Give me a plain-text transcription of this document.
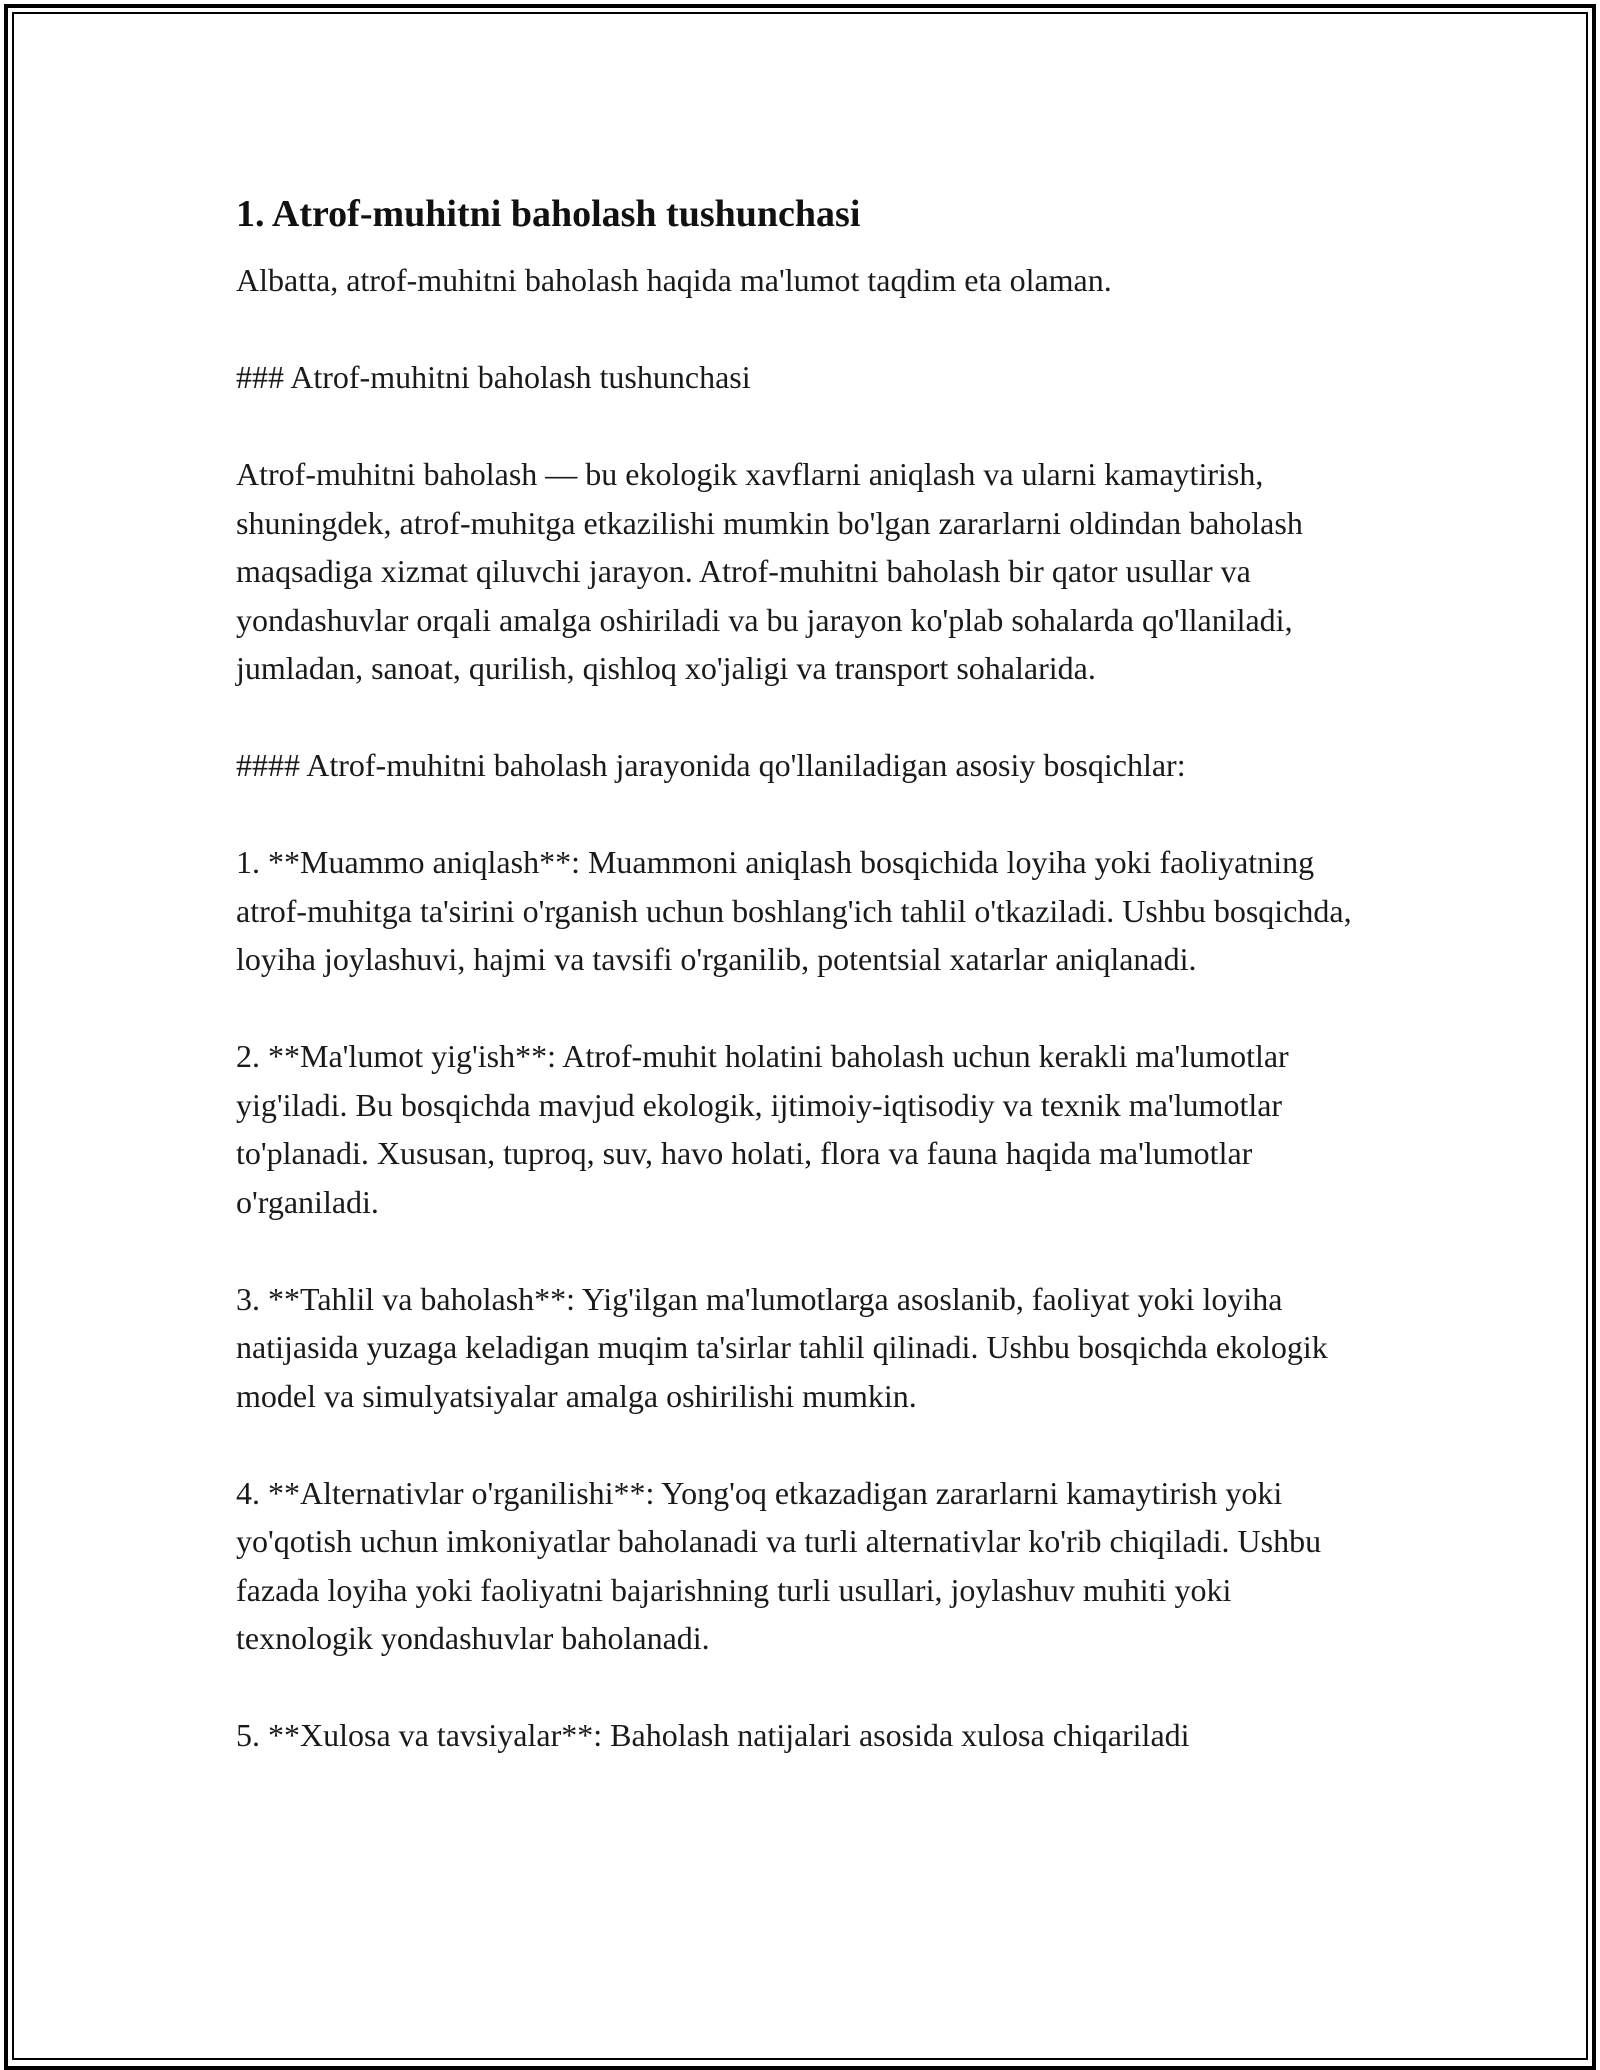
1. Atrof-muhitni baholash tushunchasi

Albatta, atrof-muhitni baholash haqida ma'lumot taqdim eta olaman.

### Atrof-muhitni baholash tushunchasi

Atrof-muhitni baholash — bu ekologik xavflarni aniqlash va ularni kamaytirish, shuningdek, atrof-muhitga etkazilishi mumkin bo'lgan zararlarni oldindan baholash maqsadiga xizmat qiluvchi jarayon. Atrof-muhitni baholash bir qator usullar va yondashuvlar orqali amalga oshiriladi va bu jarayon ko'plab sohalarda qo'llaniladi, jumladan, sanoat, qurilish, qishloq xo'jaligi va transport sohalarida.

#### Atrof-muhitni baholash jarayonida qo'llaniladigan asosiy bosqichlar:

1. **Muammo aniqlash**: Muammoni aniqlash bosqichida loyiha yoki faoliyatning atrof-muhitga ta'sirini o'rganish uchun boshlang'ich tahlil o'tkaziladi. Ushbu bosqichda, loyiha joylashuvi, hajmi va tavsifi o'rganilib, potentsial xatarlar aniqlanadi.

2. **Ma'lumot yig'ish**: Atrof-muhit holatini baholash uchun kerakli ma'lumotlar yig'iladi. Bu bosqichda mavjud ekologik, ijtimoiy-iqtisodiy va texnik ma'lumotlar to'planadi. Xususan, tuproq, suv, havo holati, flora va fauna haqida ma'lumotlar o'rganiladi.

3. **Tahlil va baholash**: Yig'ilgan ma'lumotlarga asoslanib, faoliyat yoki loyiha natijasida yuzaga keladigan muqim ta'sirlar tahlil qilinadi. Ushbu bosqichda ekologik model va simulyatsiyalar amalga oshirilishi mumkin.

4. **Alternativlar o'rganilishi**: Yong'oq etkazadigan zararlarni kamaytirish yoki yo'qotish uchun imkoniyatlar baholanadi va turli alternativlar ko'rib chiqiladi. Ushbu fazada loyiha yoki faoliyatni bajarishning turli usullari, joylashuv muhiti yoki texnologik yondashuvlar baholanadi.

5. **Xulosa va tavsiyalar**: Baholash natijalari asosida xulosa chiqariladi
